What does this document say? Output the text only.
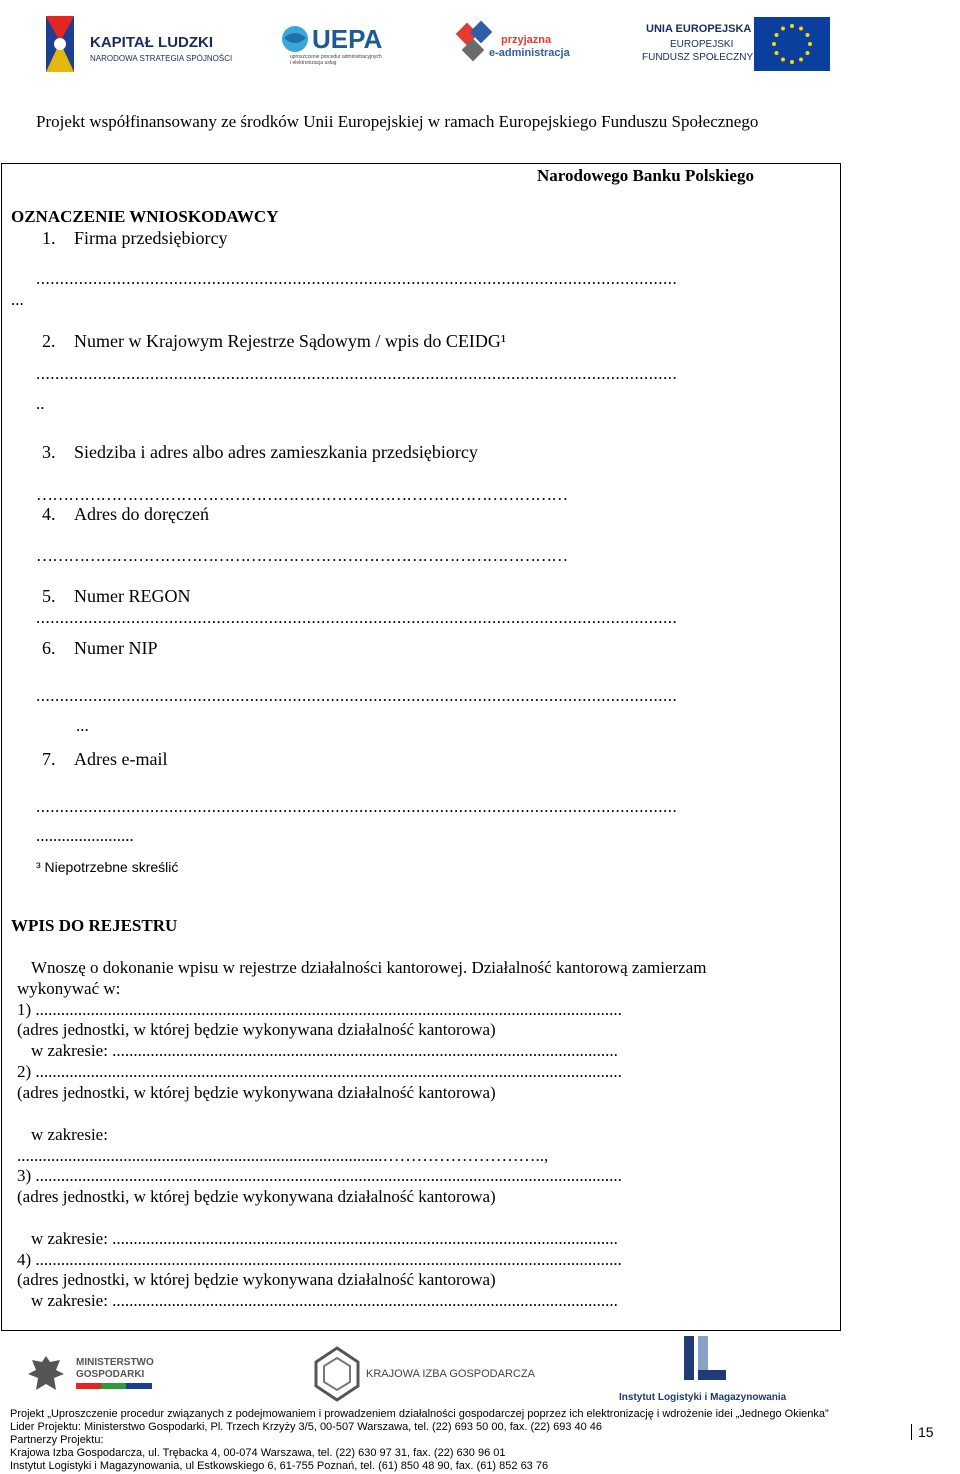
KAPITAŁ LUDZKI
NARODOWA STRATEGIA SPÓJNOŚCI
UEPA
uproszczenie procedur administracyjnych
i elektronizacja usług
przyjazna
e-administracja
UNIA EUROPEJSKA
EUROPEJSKI
FUNDUSZ SPOŁECZNY
Projekt współfinansowany ze środków Unii Europejskiej w ramach Europejskiego Funduszu Społecznego
Narodowego Banku Polskiego
OZNACZENIE WNIOSKODAWCY
1. Firma przedsiębiorcy
.......................................................................................................................................
...
2. Numer w Krajowym Rejestrze Sądowym / wpis do CEIDG¹
.......................................................................................................................................
..
3. Siedziba i adres albo adres zamieszkania przedsiębiorcy
………………………………………………………………………………………
4. Adres do doręczeń
………………………………………………………………………………………
5. Numer REGON
.......................................................................................................................................
6. Numer NIP
.......................................................................................................................................
...
7. Adres e-mail
.......................................................................................................................................
.......................
³ Niepotrzebne skreślić
WPIS DO REJESTRU
Wnoszę o dokonanie wpisu w rejestrze działalności kantorowej. Działalność kantorową zamierzam
wykonywać w:
1) ..........................................................................................................................................
(adres jednostki, w której będzie wykonywana działalność kantorowa)
w zakresie: .......................................................................................................................
2) ..........................................................................................................................................
(adres jednostki, w której będzie wykonywana działalność kantorowa)
w zakresie:
......................................................................................………………………..,
3) ..........................................................................................................................................
(adres jednostki, w której będzie wykonywana działalność kantorowa)
w zakresie: .......................................................................................................................
4) ..........................................................................................................................................
(adres jednostki, w której będzie wykonywana działalność kantorowa)
w zakresie: .......................................................................................................................
MINISTERSTWO
GOSPODARKI	KRAJOWA IZBA GOSPODARCZA
Instytut Logistyki i Magazynowania
Projekt „Uproszczenie procedur związanych z podejmowaniem i prowadzeniem działalności gospodarczej poprzez ich elektronizację i wdrożenie idei „Jednego Okienka”
Lider Projektu: Ministerstwo Gospodarki, Pl. Trzech Krzyży 3/5, 00-507 Warszawa, tel. (22) 693 50 00, fax. (22) 693 40 46
Partnerzy Projektu:
Krajowa Izba Gospodarcza, ul. Trębacka 4, 00-074 Warszawa, tel. (22) 630 97 31, fax. (22) 630 96 01
Instytut Logistyki i Magazynowania, ul Estkowskiego 6, 61-755 Poznań, tel. (61) 850 48 90, fax. (61) 852 63 76
15
